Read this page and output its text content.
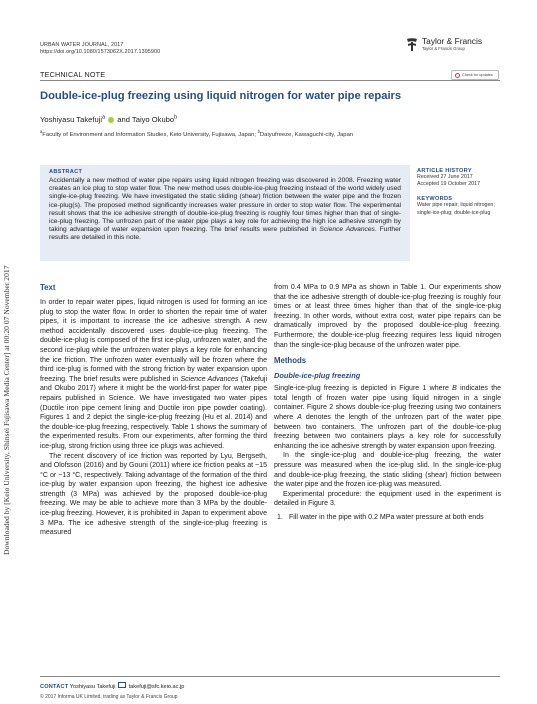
Downloaded by [Keio University, Shinsei Fujisawa Media Center] at 00:20 07 November 2017
URBAN WATER JOURNAL, 2017
https://doi.org/10.1080/1573062X.2017.1395900
Taylor & Francis
Taylor & Francis Group
Check for updates
TECHNICAL NOTE
Double-ice-plug freezing using liquid nitrogen for water pipe repairs
Yoshiyasu Takefuji$^a$ and Taiyo Okubo$^b$
$^a$Faculty of Environment and Information Studies, Keio University, Fujisawa, Japan; $^b$Daiyufreeze, Kawaguchi-city, Japan
ABSTRACT

Accidentally a new method of water pipe repairs using liquid nitrogen freezing was discovered in 2008. Freezing water creates an ice plug to stop water flow. The new method uses double-ice-plug freezing instead of the world widely used single-ice-plug freezing. We have investigated the static sliding (shear) friction between the water pipe and the frozen ice-plug(s). The proposed method significantly increases water pressure in order to stop water flow. The experimental result shows that the ice adhesive strength of double-ice-plug freezing is roughly four times higher than that of single-ice-plug freezing. The unfrozen part of the water pipe plays a key role for achieving the high ice adhesive strength by taking advantage of water expansion upon freezing. The brief results were published in Science Advances. Further results are detailed in this note.

ARTICLE HISTORY
Received 27 June 2017
Accepted 19 October 2017
KEYWORDS
Water pipe repair; liquid nitrogen; single-ice-plug; double-ice-plug
Text

In order to repair water pipes, liquid nitrogen is used for forming an ice plug to stop the water flow. In order to shorten the repair time of water pipes, it is important to increase the ice adhesive strength. A new method accidentally discovered uses double-ice-plug freezing. The double-ice-plug is composed of the first ice-plug, unfrozen water, and the second ice-plug while the unfrozen water plays a key role for enhancing the ice friction. The unfrozen water eventually will be frozen where the third ice-plug is formed with the strong friction by water expansion upon freezing. The brief results were published in Science Advances (Takefuji and Okubo 2017) where it might be the world-first paper for water pipe repairs published in Science. We have investigated two water pipes (Ductile iron pipe cement lining and Ductile iron pipe powder coating). Figures 1 and 2 depict the single-ice-plug freezing (Hu et al. 2014) and the double-ice-plug freezing, respectively. Table 1 shows the summary of the experimented results. From our experiments, after forming the third ice-plug, strong friction using three ice plugs was achieved.

The recent discovery of ice friction was reported by Lyu, Bergseth, and Olofsson (2016) and by Gouni (2011) where ice friction peaks at −15 °C or −13 °C, respectively. Taking advantage of the formation of the third ice-plug by water expansion upon freezing, the highest ice adhesive strength (3 MPa) was achieved by the proposed double-ice-plug freezing. We may be able to achieve more than 3 MPa by the double-ice-plug freezing. However, it is prohibited in Japan to experiment above 3 MPa. The ice adhesive strength of the single-ice-plug freezing is measured

from 0.4 MPa to 0.9 MPa as shown in Table 1. Our experiments show that the ice adhesive strength of double-ice-plug freezing is roughly four times or at least three times higher than that of the single-ice-plug freezing. In other words, without extra cost, water pipe repairs can be dramatically improved by the proposed double-ice-plug freezing. Furthermore, the double-ice-plug freezing requires less liquid nitrogen than the single-ice-plug because of the unfrozen water pipe.

Methods
Double-ice-plug freezing

Single-ice-plug freezing is depicted in Figure 1 where B indicates the total length of frozen water pipe using liquid nitrogen in a single container. Figure 2 shows double-ice-plug freezing using two containers where A denotes the length of the unfrozen part of the water pipe between two containers. The unfrozen part of the double-ice-plug freezing between two containers plays a key role for successfully enhancing the ice adhesive strength by water expansion upon freezing.

In the single-ice-plug and double-ice-plug freezing, the water pressure was measured when the ice-plug slid. In the single-ice-plug and double-ice-plug freezing, the static sliding (shear) friction between the water pipe and the frozen ice-plug was measured.

Experimental procedure: the equipment used in the experiment is detailed in Figure 3.

1. Fill water in the pipe with 0.2 MPa water pressure at both ends
CONTACT Yoshiyasu Takefuji takefuji@sfc.keio.ac.jp
© 2017 Informa UK Limited, trading as Taylor & Francis Group
